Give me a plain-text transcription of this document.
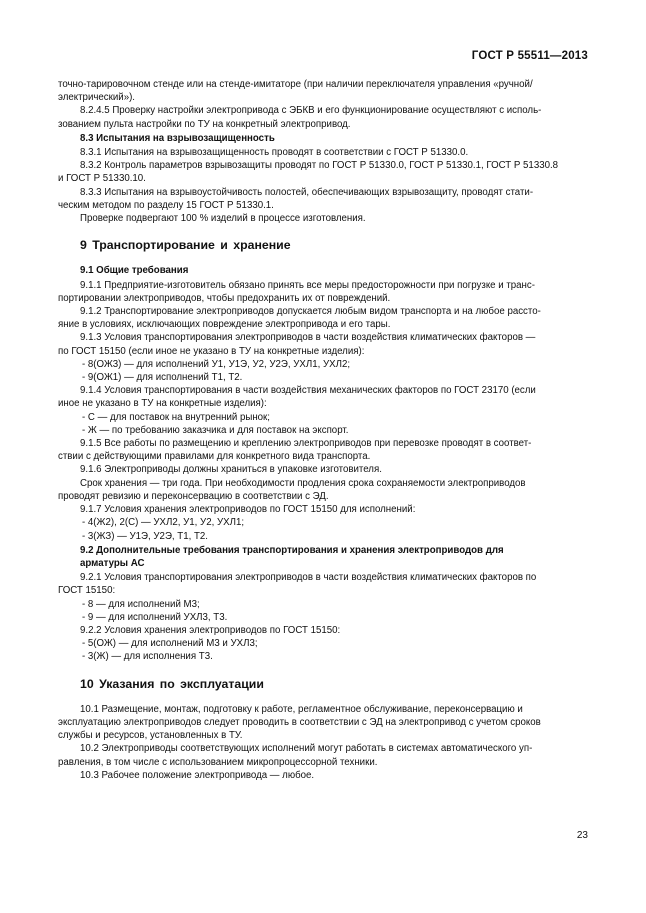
ГОСТ Р 55511—2013

точно-тарировочном стенде или на стенде-имитаторе (при наличии переключателя управления «ручной/

электрический»).

8.2.4.5 Проверку настройки электропривода с ЭБКВ и его функционирование осуществляют с исполь-

зованием пульта настройки по ТУ на конкретный электропривод.

8.3 Испытания на взрывозащищенность

8.3.1 Испытания на взрывозащищенность проводят в соответствии с ГОСТ Р 51330.0.

8.3.2 Контроль параметров взрывозащиты проводят по ГОСТ Р 51330.0, ГОСТ Р 51330.1, ГОСТ Р 51330.8

и ГОСТ Р 51330.10.

8.3.3 Испытания на взрывоустойчивость полостей, обеспечивающих взрывозащиту, проводят стати-

ческим методом по разделу 15 ГОСТ Р 51330.1.

Проверке подвергают 100 % изделий в процессе изготовления.

9 Транспортирование и хранение

9.1 Общие требования

9.1.1 Предприятие-изготовитель обязано принять все меры предосторожности при погрузке и транс-

портировании электроприводов, чтобы предохранить их от повреждений.

9.1.2 Транспортирование электроприводов допускается любым видом транспорта и на любое рассто-

яние в условиях, исключающих повреждение электропривода и его тары.

9.1.3 Условия транспортирования электроприводов в части воздействия климатических факторов —

по ГОСТ 15150 (если иное не указано в ТУ на конкретные изделия):

- 8(ОЖ3) — для исполнений У1, У1Э, У2, У2Э, УХЛ1, УХЛ2;

- 9(ОЖ1) — для исполнений Т1, Т2.

9.1.4 Условия транспортирования в части воздействия механических факторов по ГОСТ 23170 (если

иное не указано в ТУ на конкретные изделия):

- С — для поставок на внутренний рынок;

- Ж — по требованию заказчика и для поставок на экспорт.

9.1.5 Все работы по размещению и креплению электроприводов при перевозке проводят в соответ-

ствии с действующими правилами для конкретного вида транспорта.

9.1.6 Электроприводы должны храниться в упаковке изготовителя.

Срок хранения — три года. При необходимости продления срока сохраняемости электроприводов

проводят ревизию и переконсервацию в соответствии с ЭД.

9.1.7 Условия хранения электроприводов по ГОСТ 15150 для исполнений:

- 4(Ж2), 2(С) — УХЛ2, У1, У2, УХЛ1;

- 3(ЖЗ) — У1Э, У2Э, Т1, Т2.

9.2 Дополнительные требования транспортирования и хранения электроприводов для
арматуры АС

9.2.1 Условия транспортирования электроприводов в части воздействия климатических факторов по

ГОСТ 15150:

- 8 — для исполнений М3;

- 9 — для исполнений УХЛ3, Т3.

9.2.2 Условия хранения электроприводов по ГОСТ 15150:

- 5(ОЖ) — для исполнений М3 и УХЛ3;

- 3(Ж) — для исполнения Т3.

10 Указания по эксплуатации

10.1 Размещение, монтаж, подготовку к работе, регламентное обслуживание, переконсервацию и

эксплуатацию электроприводов следует проводить в соответствии с ЭД на электропривод с учетом сроков

службы и ресурсов, установленных в ТУ.

10.2 Электроприводы соответствующих исполнений могут работать в системах автоматического уп-

равления, в том числе с использованием микропроцессорной техники.

10.3 Рабочее положение электропривода — любое.

23
